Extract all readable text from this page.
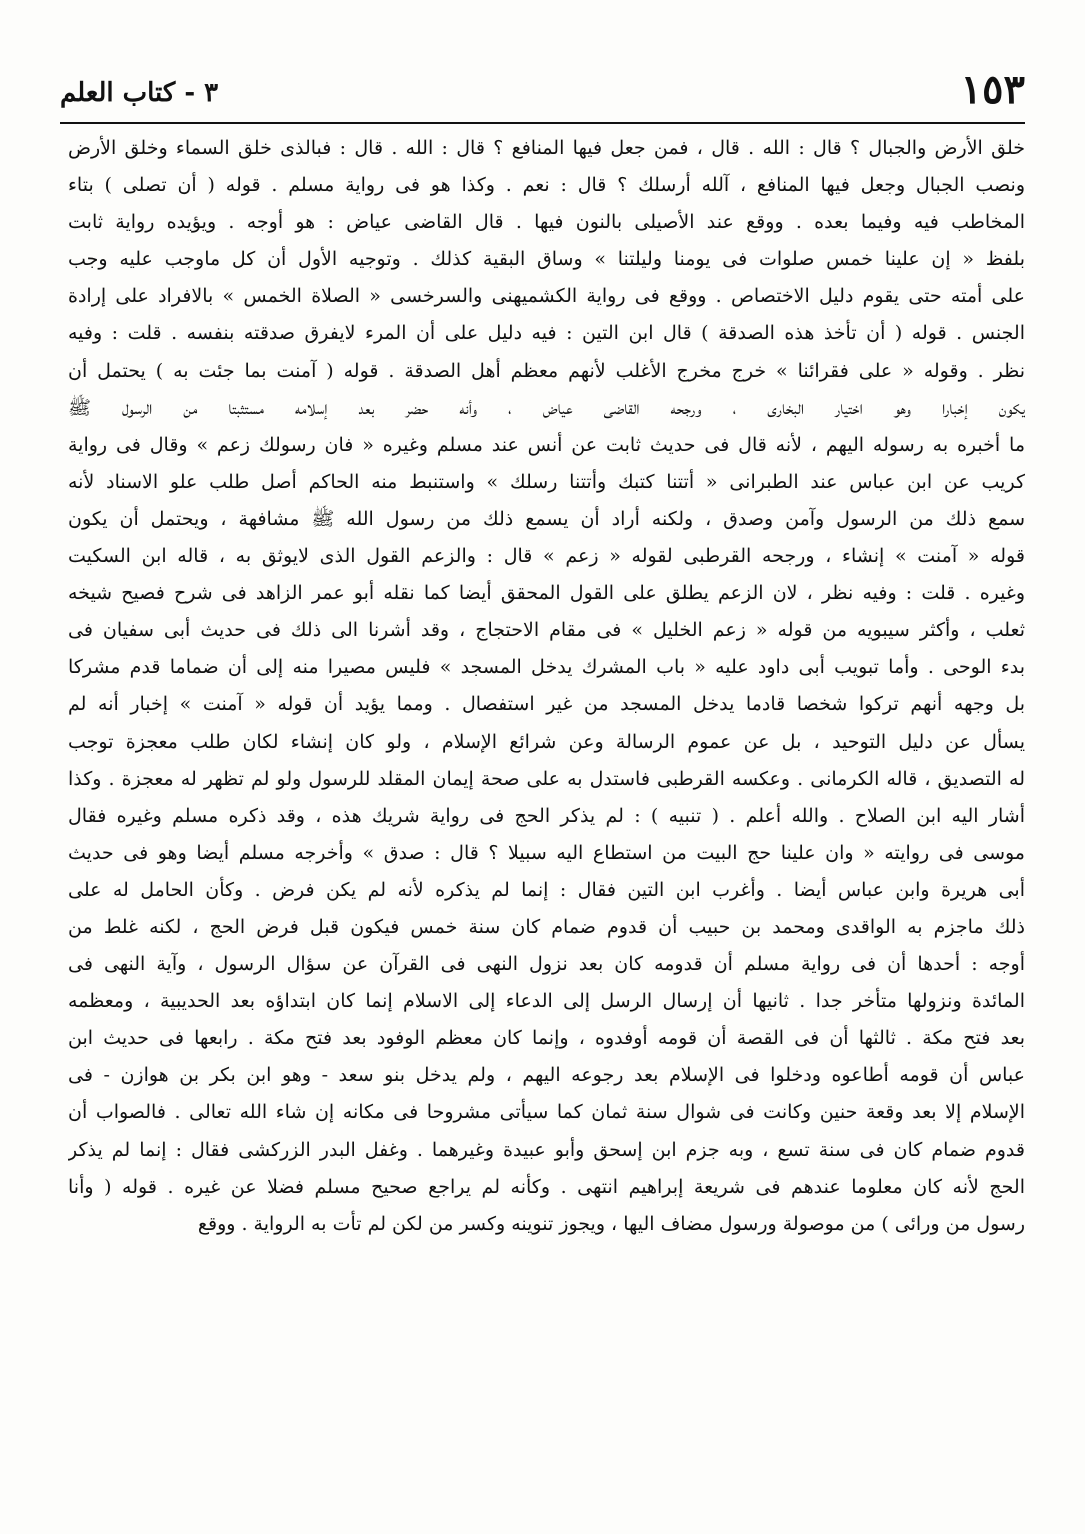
١٥٣
٣ - كتاب العلم
خلق الأرض والجبال ؟ قال : الله . قال ، فمن جعل فيها المنافع ؟ قال : الله . قال : فبالذى خلق السماء وخلق الأرض
ونصب الجبال وجعل فيها المنافع ، آلله أرسلك ؟ قال : نعم . وكذا هو فى رواية مسلم . قوله ( أن تصلى ) بتاء
المخاطب فيه وفيما بعده . ووقع عند الأصيلى بالنون فيها . قال القاضى عياض : هو أوجه . ويؤيده رواية ثابت
بلفظ « إن علينا خمس صلوات فى يومنا وليلتنا » وساق البقية كذلك . وتوجيه الأول أن كل ماوجب عليه وجب
على أمته حتى يقوم دليل الاختصاص . ووقع فى رواية الكشميهنى والسرخسى « الصلاة الخمس » بالافراد على إرادة
الجنس . قوله ( أن تأخذ هذه الصدقة ) قال ابن التين : فيه دليل على أن المرء لايفرق صدقته بنفسه . قلت : وفيه
نظر . وقوله « على فقرائنا » خرج مخرج الأغلب لأنهم معظم أهل الصدقة . قوله ( آمنت بما جئت به ) يحتمل أن
يكون إخبارا وهو اختيار البخارى ، ورجحه القاضى عياض ، وأنه حضر بعد إسلامه مستثبتا من الرسول ﷺ
ما أخبره به رسوله اليهم ، لأنه قال فى حديث ثابت عن أنس عند مسلم وغيره « فان رسولك زعم » وقال فى رواية
كريب عن ابن عباس عند الطبرانى « أتتنا كتبك وأتتنا رسلك » واستنبط منه الحاكم أصل طلب علو الاسناد لأنه
سمع ذلك من الرسول وآمن وصدق ، ولكنه أراد أن يسمع ذلك من رسول الله ﷺ مشافهة ، ويحتمل أن يكون
قوله « آمنت » إنشاء ، ورجحه القرطبى لقوله « زعم » قال : والزعم القول الذى لايوثق به ، قاله ابن السكيت
وغيره . قلت : وفيه نظر ، لان الزعم يطلق على القول المحقق أيضا كما نقله أبو عمر الزاهد فى شرح فصيح شيخه
ثعلب ، وأكثر سيبويه من قوله « زعم الخليل » فى مقام الاحتجاج ، وقد أشرنا الى ذلك فى حديث أبى سفيان فى
بدء الوحى . وأما تبويب أبى داود عليه « باب المشرك يدخل المسجد » فليس مصيرا منه إلى أن ضماما قدم مشركا
بل وجهه أنهم تركوا شخصا قادما يدخل المسجد من غير استفصال . ومما يؤيد أن قوله « آمنت » إخبار أنه لم
يسأل عن دليل التوحيد ، بل عن عموم الرسالة وعن شرائع الإسلام ، ولو كان إنشاء لكان طلب معجزة توجب
له التصديق ، قاله الكرمانى . وعكسه القرطبى فاستدل به على صحة إيمان المقلد للرسول ولو لم تظهر له معجزة . وكذا
أشار اليه ابن الصلاح . والله أعلم . ( تنبيه ) : لم يذكر الحج فى رواية شريك هذه ، وقد ذكره مسلم وغيره فقال
موسى فى روايته « وان علينا حج البيت من استطاع اليه سبيلا ؟ قال : صدق » وأخرجه مسلم أيضا وهو فى حديث
أبى هريرة وابن عباس أيضا . وأغرب ابن التين فقال : إنما لم يذكره لأنه لم يكن فرض . وكأن الحامل له على
ذلك ماجزم به الواقدى ومحمد بن حبيب أن قدوم ضمام كان سنة خمس فيكون قبل فرض الحج ، لكنه غلط من
أوجه : أحدها أن فى رواية مسلم أن قدومه كان بعد نزول النهى فى القرآن عن سؤال الرسول ، وآية النهى فى
المائدة ونزولها متأخر جدا . ثانيها أن إرسال الرسل إلى الدعاء إلى الاسلام إنما كان ابتداؤه بعد الحديبية ، ومعظمه
بعد فتح مكة . ثالثها أن فى القصة أن قومه أوفدوه ، وإنما كان معظم الوفود بعد فتح مكة . رابعها فى حديث ابن
عباس أن قومه أطاعوه ودخلوا فى الإسلام بعد رجوعه اليهم ، ولم يدخل بنو سعد - وهو ابن بكر بن هوازن - فى
الإسلام إلا بعد وقعة حنين وكانت فى شوال سنة ثمان كما سيأتى مشروحا فى مكانه إن شاء الله تعالى . فالصواب أن
قدوم ضمام كان فى سنة تسع ، وبه جزم ابن إسحق وأبو عبيدة وغيرهما . وغفل البدر الزركشى فقال : إنما لم يذكر
الحج لأنه كان معلوما عندهم فى شريعة إبراهيم انتهى . وكأنه لم يراجع صحيح مسلم فضلا عن غيره . قوله ( وأنا
رسول من ورائى ) من موصولة ورسول مضاف اليها ، ويجوز تنوينه وكسر من لكن لم تأت به الرواية . ووقع
